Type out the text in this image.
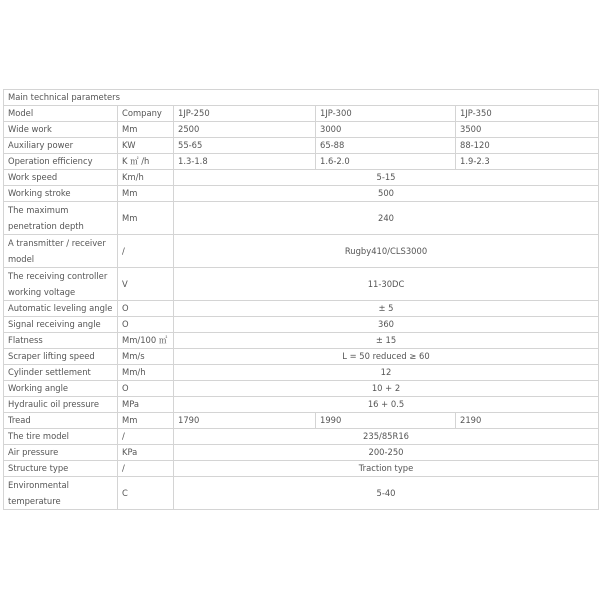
Main technical parameters				
Model	Company	1JP-250	1JP-300	1JP-350
Wide work	Mm	2500	3000	3500
Auxiliary power	KW	55-65	65-88	88-120
Operation efficiency	K ㎡ /h	1.3-1.8	1.6-2.0	1.9-2.3
Work speed	Km/h	5-15		
Working stroke	Mm	500		
The maximum penetration depth	Mm	240		
A transmitter / receiver model	/	Rugby410/CLS3000		
The receiving controller working voltage	V	11-30DC		
Automatic leveling angle	O	± 5		
Signal receiving angle	O	360		
Flatness	Mm/100 ㎡	± 15		
Scraper lifting speed	Mm/s	L = 50 reduced ≥ 60		
Cylinder settlement	Mm/h	12		
Working angle	O	10 + 2		
Hydraulic oil pressure	MPa	16 + 0.5		
Tread	Mm	1790	1990	2190
The tire model	/	235/85R16		
Air pressure	KPa	200-250		
Structure type	/	Traction type		
Environmental temperature	C	5-40		
